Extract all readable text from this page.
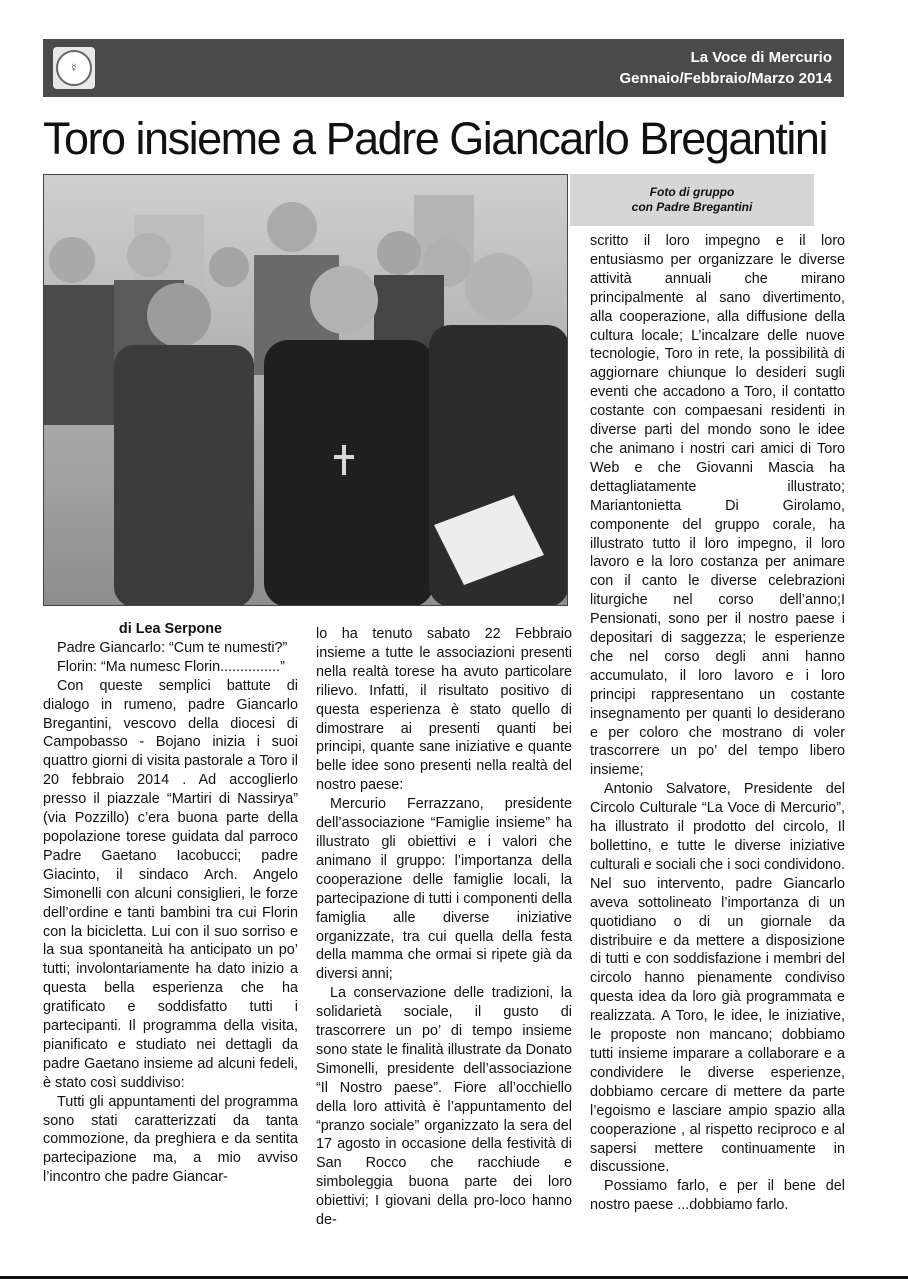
☿
La Voce di Mercurio
Gennaio/Febbraio/Marzo 2014
Toro insieme a Padre Giancarlo Bregantini
Foto di gruppo
con Padre Bregantini

di Lea Serpone

Padre Giancarlo: “Cum te numesti?”

Florin: “Ma numesc Florin...............”

Con queste semplici battute di dialogo in rumeno, padre Giancarlo Bregantini, vescovo della diocesi di Campobasso - Bojano inizia i suoi quattro giorni di visita pastorale a Toro il 20 febbraio 2014 . Ad accoglierlo presso il piazzale “Martiri di Nassirya” (via Pozzillo) c’era buona parte della popolazione torese guidata dal parroco Padre Gaetano Iacobucci; padre Giacinto, il sindaco Arch. Angelo Simonelli con alcuni consiglieri, le forze dell’ordine e tanti bambini tra cui Florin con la bicicletta. Lui con il suo sorriso e la sua spontaneità ha anticipato un po’ tutti; involontariamente ha dato inizio a questa bella esperienza che ha gratificato e soddisfatto tutti i partecipanti. Il programma della visita, pianificato e studiato nei dettagli da padre Gaetano insieme ad alcuni fedeli, è stato così suddiviso:

Tutti gli appuntamenti del programma sono stati caratterizzati da tanta commozione, da preghiera e da sentita partecipazione ma, a mio avviso l’incontro che padre Giancar-

lo ha tenuto sabato 22 Febbraio insieme a tutte le associazioni presenti nella realtà torese ha avuto particolare rilievo. Infatti, il risultato positivo di questa esperienza è stato quello di dimostrare ai presenti quanti bei principi, quante sane iniziative e quante belle idee sono presenti nella realtà del nostro paese:

Mercurio Ferrazzano, presidente dell’associazione “Famiglie insieme” ha illustrato gli obiettivi e i valori che animano il gruppo: l’importanza della cooperazione delle famiglie locali, la partecipazione di tutti i componenti della famiglia alle diverse iniziative organizzate, tra cui quella della festa della mamma che ormai si ripete già da diversi anni;

La conservazione delle tradizioni, la solidarietà sociale, il gusto di trascorrere un po’ di tempo insieme sono state le finalità illustrate da Donato Simonelli, presidente dell’associazione “Il Nostro paese”. Fiore all’occhiello della loro attività è l’appuntamento del “pranzo sociale” organizzato la sera del 17 agosto in occasione della festività di San Rocco che racchiude e simboleggia buona parte dei loro obiettivi; I giovani della pro-loco hanno de-

scritto il loro impegno e il loro entusiasmo per organizzare le diverse attività annuali che mirano principalmente al sano divertimento, alla cooperazione, alla diffusione della cultura locale; L’incalzare delle nuove tecnologie, Toro in rete, la possibilità di aggiornare chiunque lo desideri sugli eventi che accadono a Toro, il contatto costante con compaesani residenti in diverse parti del mondo sono le idee che animano i nostri cari amici di Toro Web e che Giovanni Mascia ha dettagliatamente illustrato; Mariantonietta Di Girolamo, componente del gruppo corale, ha illustrato tutto il loro impegno, il loro lavoro e la loro costanza per animare con il canto le diverse celebrazioni liturgiche nel corso dell’anno;I Pensionati, sono per il nostro paese i depositari di saggezza; le esperienze che nel corso degli anni hanno accumulato, il loro lavoro e i loro principi rappresentano un costante insegnamento per quanti lo desiderano e per coloro che mostrano di voler trascorrere un po’ del tempo libero insieme;

Antonio Salvatore, Presidente del Circolo Culturale “La Voce di Mercurio”, ha illustrato il prodotto del circolo, Il bollettino, e tutte le diverse iniziative culturali e sociali che i soci condividono. Nel suo intervento, padre Giancarlo aveva sottolineato l’importanza di un quotidiano o di un giornale da distribuire e da mettere a disposizione di tutti e con soddisfazione i membri del circolo hanno pienamente condiviso questa idea da loro già programmata e realizzata. A Toro, le idee, le iniziative, le proposte non mancano; dobbiamo tutti insieme imparare a collaborare e a condividere le diverse esperienze, dobbiamo cercare di mettere da parte l’egoismo e lasciare ampio spazio alla cooperazione , al rispetto reciproco e al sapersi mettere continuamente in discussione.

Possiamo farlo, e per il bene del nostro paese ...dobbiamo farlo.
